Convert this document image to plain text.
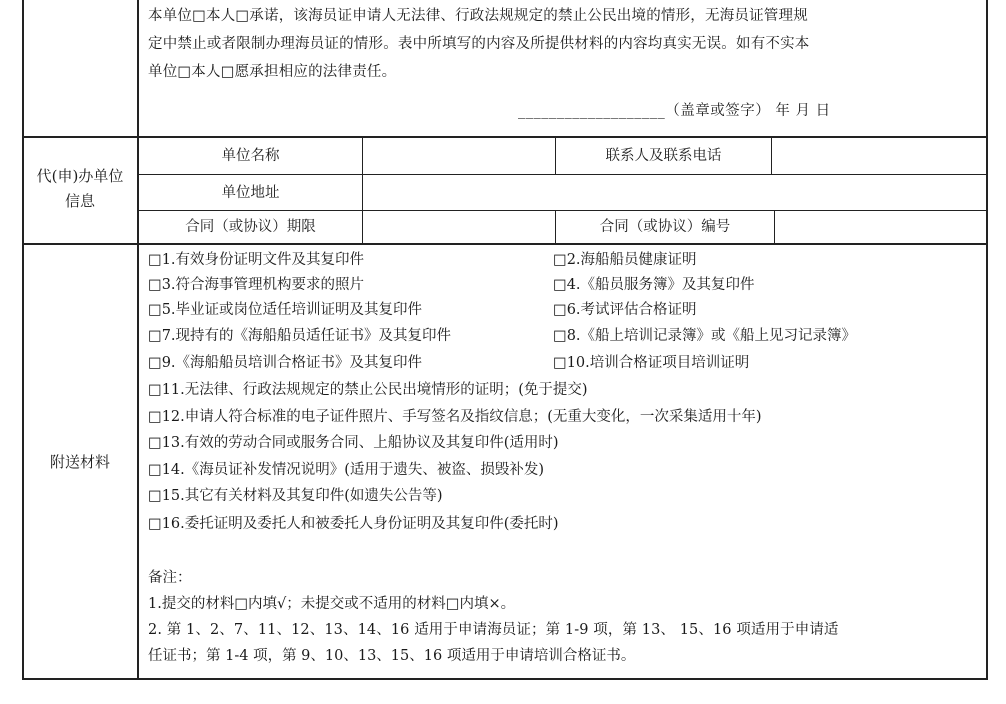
本单位□本人□承诺，该海员证申请人无法律、行政法规规定的禁止公民出境的情形，无海员证管理规
定中禁止或者限制办理海员证的情形。表中所填写的内容及所提供材料的内容均真实无误。如有不实本
单位□本人□愿承担相应的法律责任。
___________________（盖章或签字） 年 月 日
代(申)办单位信息
单位名称	联系人及联系电话
单位地址
合同（或协议）期限	合同（或协议）编号
附送材料
□1.有效身份证明文件及其复印件	□2.海船船员健康证明
□3.符合海事管理机构要求的照片	□4.《船员服务簿》及其复印件
□5.毕业证或岗位适任培训证明及其复印件	□6.考试评估合格证明
□7.现持有的《海船船员适任证书》及其复印件	□8.《船上培训记录簿》或《船上见习记录簿》
□9.《海船船员培训合格证书》及其复印件	□10.培训合格证项目培训证明
□11.无法律、行政法规规定的禁止公民出境情形的证明；(免于提交)
□12.申请人符合标准的电子证件照片、手写签名及指纹信息；(无重大变化，一次采集适用十年)
□13.有效的劳动合同或服务合同、上船协议及其复印件(适用时)
□14.《海员证补发情况说明》(适用于遗失、被盗、损毁补发)
□15.其它有关材料及其复印件(如遗失公告等)
□16.委托证明及委托人和被委托人身份证明及其复印件(委托时)
备注：
1.提交的材料□内填√；未提交或不适用的材料□内填×。
2. 第 1、2、7、11、12、13、14、16 适用于申请海员证；第 1-9 项，第 13、 15、16 项适用于申请适
任证书；第 1-4 项，第 9、10、13、15、16 项适用于申请培训合格证书。
